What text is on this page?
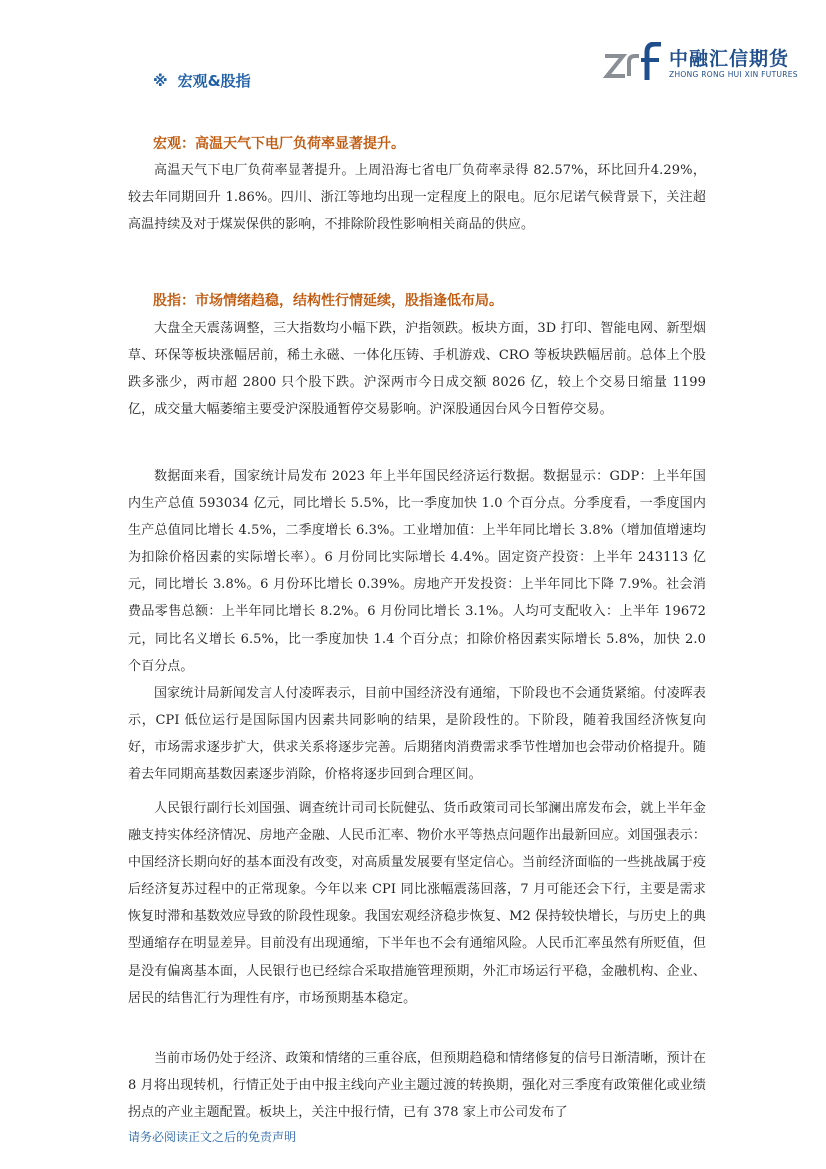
中融汇信期货
ZHONG RONG HUI XIN FUTURES
※ 宏观&股指
宏观：高温天气下电厂负荷率显著提升。
高温天气下电厂负荷率显著提升。上周沿海七省电厂负荷率录得 82.57%，环比回升4.29%，较去年同期回升 1.86%。四川、浙江等地均出现一定程度上的限电。厄尔尼诺气候背景下，关注超高温持续及对于煤炭保供的影响，不排除阶段性影响相关商品的供应。
股指：市场情绪趋稳，结构性行情延续，股指逢低布局。
大盘全天震荡调整，三大指数均小幅下跌，沪指领跌。板块方面，3D 打印、智能电网、新型烟草、环保等板块涨幅居前，稀土永磁、一体化压铸、手机游戏、CRO 等板块跌幅居前。总体上个股跌多涨少，两市超 2800 只个股下跌。沪深两市今日成交额 8026 亿，较上个交易日缩量 1199 亿，成交量大幅萎缩主要受沪深股通暂停交易影响。沪深股通因台风今日暂停交易。
数据面来看，国家统计局发布 2023 年上半年国民经济运行数据。数据显示：GDP：上半年国内生产总值 593034 亿元，同比增长 5.5%，比一季度加快 1.0 个百分点。分季度看，一季度国内生产总值同比增长 4.5%，二季度增长 6.3%。工业增加值：上半年同比增长 3.8%（增加值增速均为扣除价格因素的实际增长率）。6 月份同比实际增长 4.4%。固定资产投资：上半年 243113 亿元，同比增长 3.8%。6 月份环比增长 0.39%。房地产开发投资：上半年同比下降 7.9%。社会消费品零售总额：上半年同比增长 8.2%。6 月份同比增长 3.1%。人均可支配收入：上半年 19672 元，同比名义增长 6.5%，比一季度加快 1.4 个百分点；扣除价格因素实际增长 5.8%，加快 2.0 个百分点。
国家统计局新闻发言人付凌晖表示，目前中国经济没有通缩，下阶段也不会通货紧缩。付凌晖表示，CPI 低位运行是国际国内因素共同影响的结果，是阶段性的。下阶段，随着我国经济恢复向好，市场需求逐步扩大，供求关系将逐步完善。后期猪肉消费需求季节性增加也会带动价格提升。随着去年同期高基数因素逐步消除，价格将逐步回到合理区间。
人民银行副行长刘国强、调查统计司司长阮健弘、货币政策司司长邹澜出席发布会，就上半年金融支持实体经济情况、房地产金融、人民币汇率、物价水平等热点问题作出最新回应。刘国强表示：中国经济长期向好的基本面没有改变，对高质量发展要有坚定信心。当前经济面临的一些挑战属于疫后经济复苏过程中的正常现象。今年以来 CPI 同比涨幅震荡回落，7 月可能还会下行，主要是需求恢复时滞和基数效应导致的阶段性现象。我国宏观经济稳步恢复、M2 保持较快增长，与历史上的典型通缩存在明显差异。目前没有出现通缩，下半年也不会有通缩风险。人民币汇率虽然有所贬值，但是没有偏离基本面，人民银行也已经综合采取措施管理预期，外汇市场运行平稳，金融机构、企业、居民的结售汇行为理性有序，市场预期基本稳定。
当前市场仍处于经济、政策和情绪的三重谷底，但预期趋稳和情绪修复的信号日渐清晰，预计在 8 月将出现转机，行情正处于由中报主线向产业主题过渡的转换期，强化对三季度有政策催化或业绩拐点的产业主题配置。板块上，关注中报行情，已有 378 家上市公司发布了
请务必阅读正文之后的免责声明
